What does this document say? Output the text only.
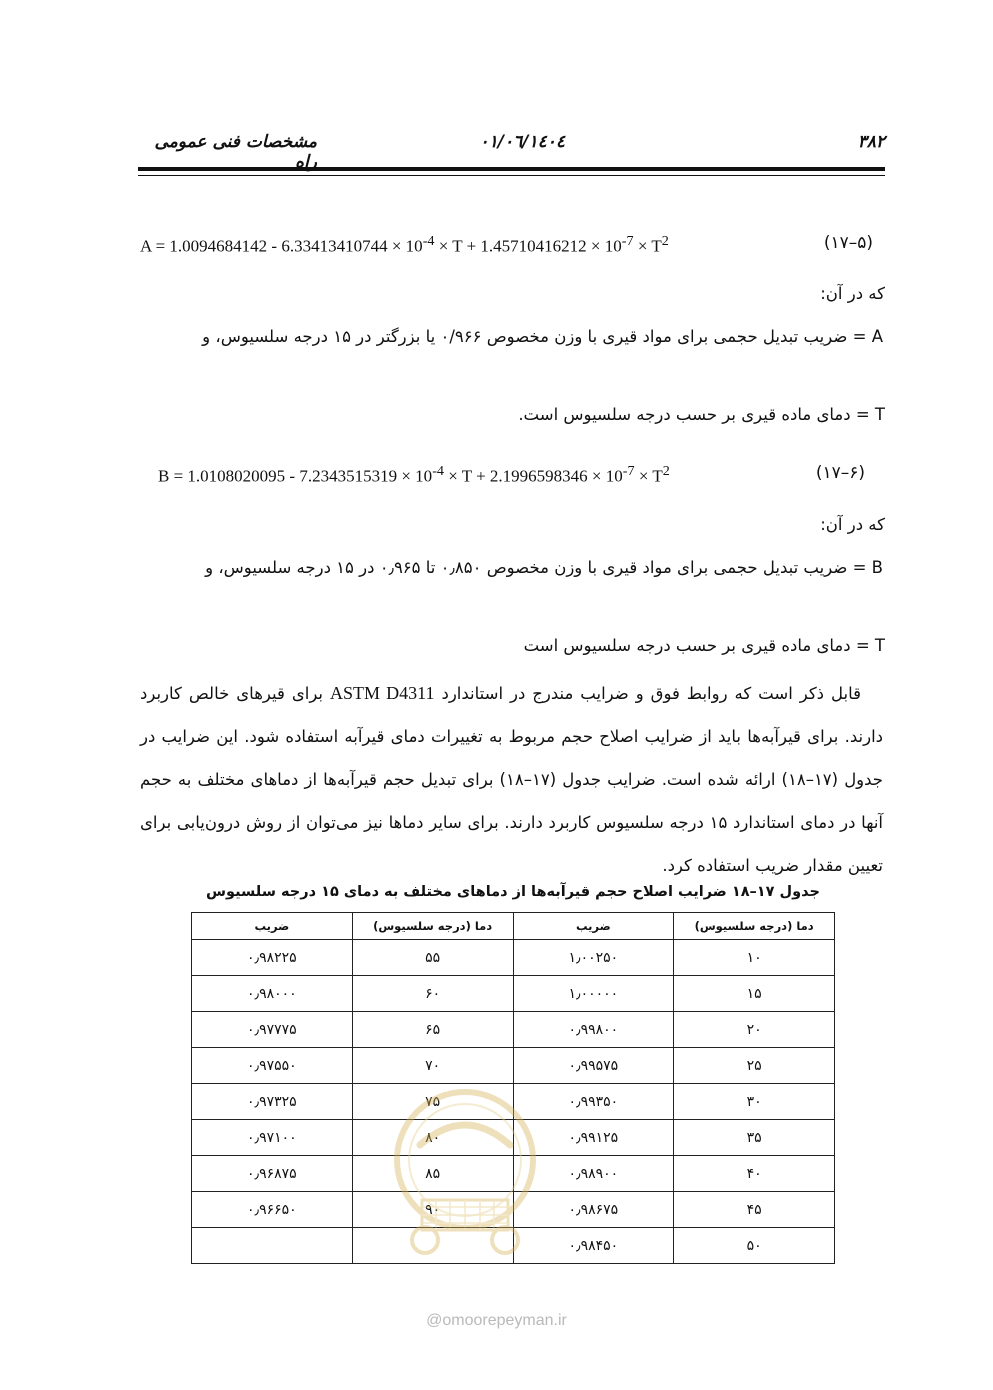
۳۸۲
۱٤۰٤/۰٦/۰۱
مشخصات فنی عمومی راه
$A = 1.0094684142 - 6.33413410744 \times 10^{-4} \times T + 1.45710416212 \times 10^{-7} \times T^2$	(۵–۱۷)
که در آن:
A = ضریب تبدیل حجمی برای مواد قیری با وزن مخصوص ۰/۹۶۶ یا بزرگتر در ۱۵ درجه سلسیوس، و
T = دمای ماده قیری بر حسب درجه سلسیوس است.
$B = 1.0108020095 - 7.2343515319 \times 10^{-4} \times T + 2.1996598346 \times 10^{-7} \times T^2$	(۶–۱۷)
که در آن:
B = ضریب تبدیل حجمی برای مواد قیری با وزن مخصوص ۰٫۸۵۰ تا ۰٫۹۶۵ در ۱۵ درجه سلسیوس، و
T = دمای ماده قیری بر حسب درجه سلسیوس است
قابل ذکر است که روابط فوق و ضرایب مندرج در استاندارد ASTM D4311 برای قیرهای خالص کاربرد دارند. برای قیرآبه‌ها باید از ضرایب اصلاح حجم مربوط به تغییرات دمای قیرآبه استفاده شود. این ضرایب در جدول (۱۷–۱۸) ارائه شده است. ضرایب جدول (۱۷–۱۸) برای تبدیل حجم قیرآبه‌ها از دماهای مختلف به حجم آنها در دمای استاندارد ۱۵ درجه سلسیوس کاربرد دارند. برای سایر دماها نیز می‌توان از روش درون‌یابی برای تعیین مقدار ضریب استفاده کرد.
جدول ۱۷–۱۸ ضرایب اصلاح حجم قیرآبه‌ها از دماهای مختلف به دمای ۱۵ درجه سلسیوس
دما (درجه سلسیوس)	ضریب	دما (درجه سلسیوس)	ضریب
۱۰	۱٫۰۰۲۵۰	۵۵	۰٫۹۸۲۲۵
۱۵	۱٫۰۰۰۰۰	۶۰	۰٫۹۸۰۰۰
۲۰	۰٫۹۹۸۰۰	۶۵	۰٫۹۷۷۷۵
۲۵	۰٫۹۹۵۷۵	۷۰	۰٫۹۷۵۵۰
۳۰	۰٫۹۹۳۵۰	۷۵	۰٫۹۷۳۲۵
۳۵	۰٫۹۹۱۲۵	۸۰	۰٫۹۷۱۰۰
۴۰	۰٫۹۸۹۰۰	۸۵	۰٫۹۶۸۷۵
۴۵	۰٫۹۸۶۷۵	۹۰	۰٫۹۶۶۵۰
۵۰	۰٫۹۸۴۵۰		
@omoorepeyman.ir
